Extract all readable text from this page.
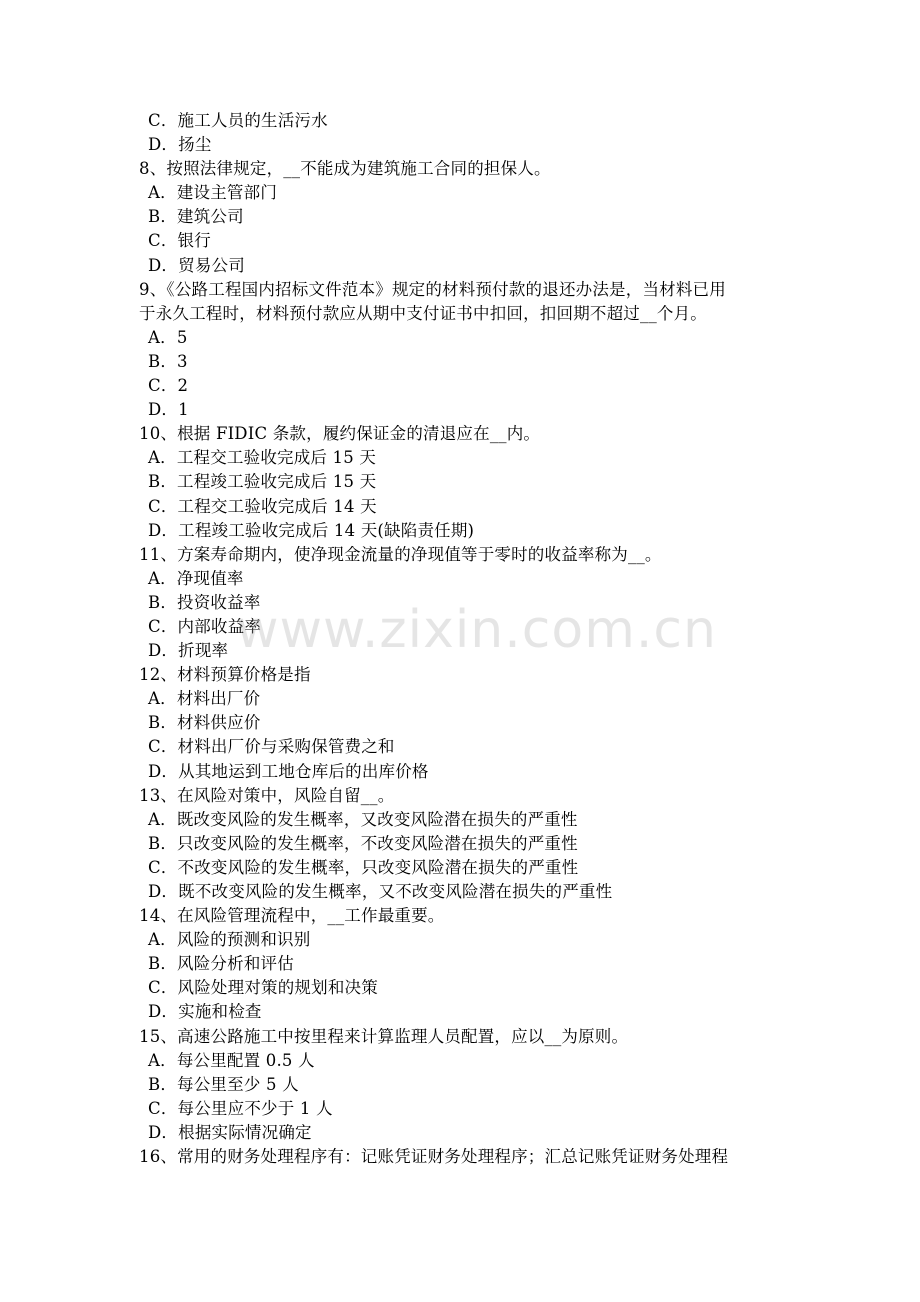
C．施工人员的生活污水
D．扬尘
8、按照法律规定，__不能成为建筑施工合同的担保人。
A．建设主管部门
B．建筑公司
C．银行
D．贸易公司
9、《公路工程国内招标文件范本》规定的材料预付款的退还办法是，当材料已用
于永久工程时，材料预付款应从期中支付证书中扣回，扣回期不超过__个月。
A．5
B．3
C．2
D．1
10、根据 FIDIC 条款，履约保证金的清退应在__内。
A．工程交工验收完成后 15 天
B．工程竣工验收完成后 15 天
C．工程交工验收完成后 14 天
D．工程竣工验收完成后 14 天(缺陷责任期)
11、方案寿命期内，使净现金流量的净现值等于零时的收益率称为__。
A．净现值率
B．投资收益率
C．内部收益率
D．折现率
12、材料预算价格是指
A．材料出厂价
B．材料供应价
C．材料出厂价与采购保管费之和
D．从其地运到工地仓库后的出库价格
13、在风险对策中，风险自留__。
A．既改变风险的发生概率，又改变风险潜在损失的严重性
B．只改变风险的发生概率，不改变风险潜在损失的严重性
C．不改变风险的发生概率，只改变风险潜在损失的严重性
D．既不改变风险的发生概率，又不改变风险潜在损失的严重性
14、在风险管理流程中，__工作最重要。
A．风险的预测和识别
B．风险分析和评估
C．风险处理对策的规划和决策
D．实施和检查
15、高速公路施工中按里程来计算监理人员配置，应以__为原则。
A．每公里配置 0.5 人
B．每公里至少 5 人
C．每公里应不少于 1 人
D．根据实际情况确定
16、常用的财务处理程序有：记账凭证财务处理程序；汇总记账凭证财务处理程
www.zixin.com.cn
